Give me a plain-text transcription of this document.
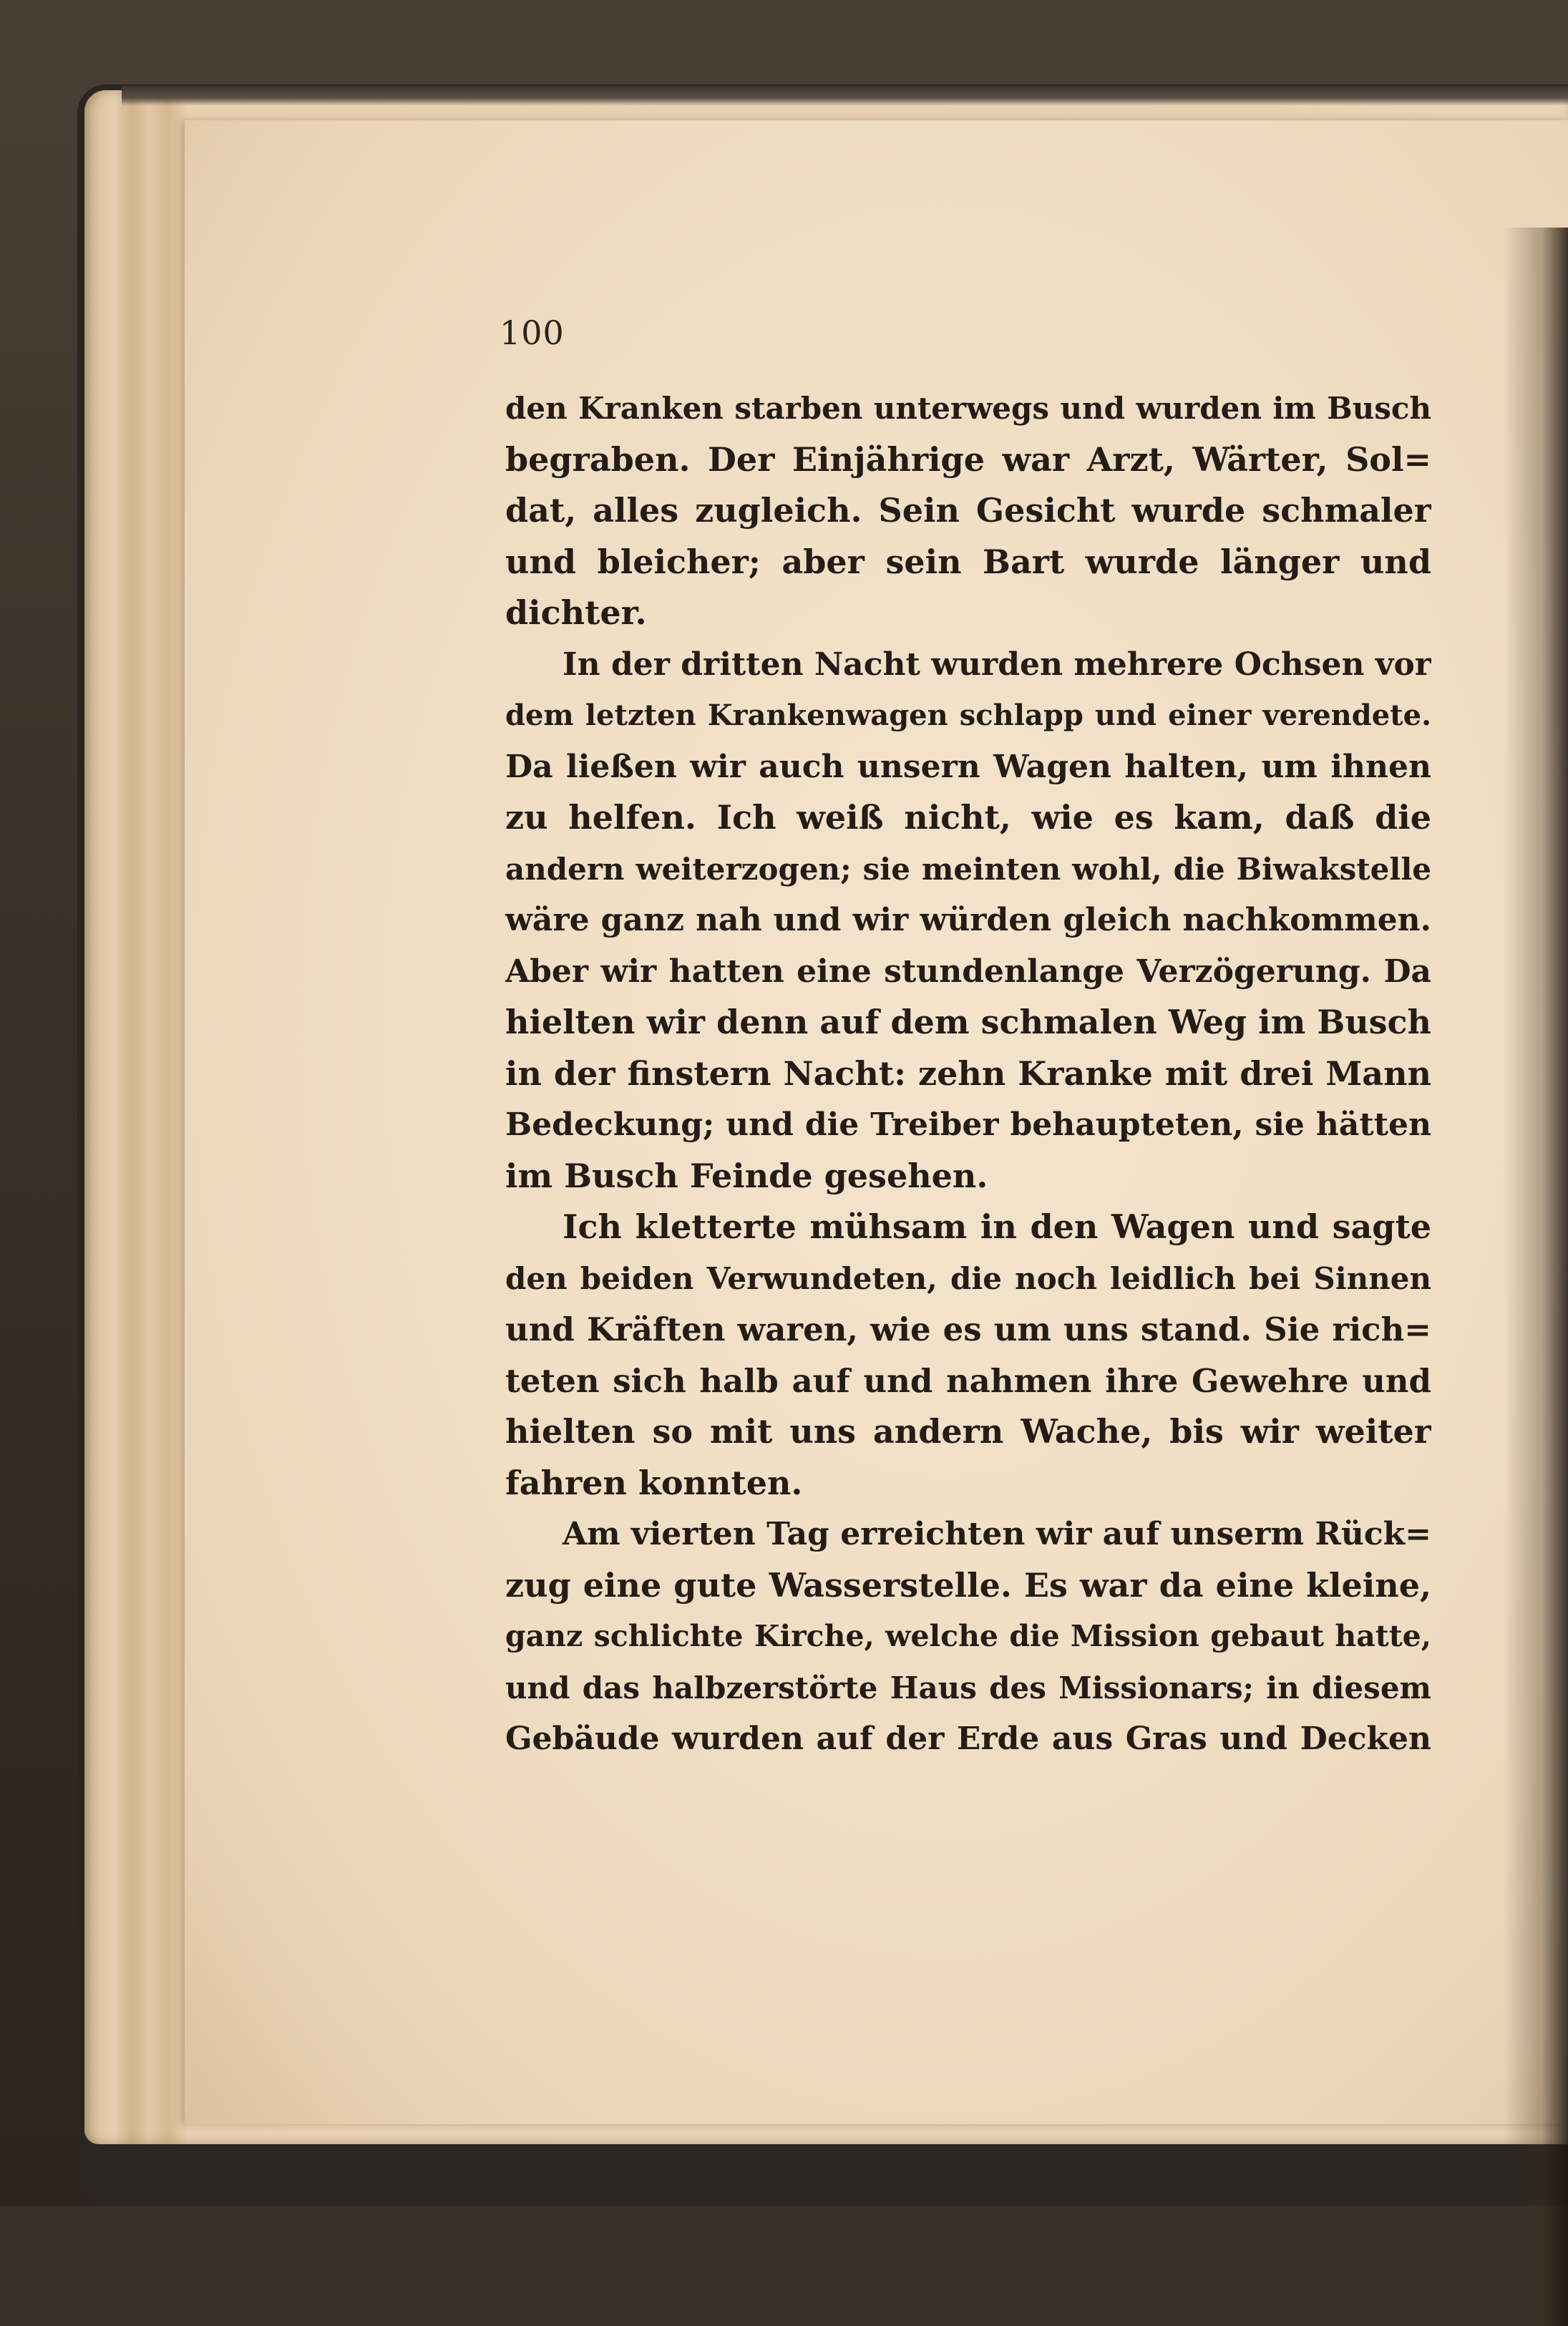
100
den Kranken starben unterwegs und wurden im Busch
begraben. Der Einjährige war Arzt, Wärter, Sol=
dat, alles zugleich. Sein Gesicht wurde schmaler
und bleicher; aber sein Bart wurde länger und
dichter.
In der dritten Nacht wurden mehrere Ochsen vor
dem letzten Krankenwagen schlapp und einer verendete.
Da ließen wir auch unsern Wagen halten, um ihnen
zu helfen. Ich weiß nicht, wie es kam, daß die
andern weiterzogen; sie meinten wohl, die Biwakstelle
wäre ganz nah und wir würden gleich nachkommen.
Aber wir hatten eine stundenlange Verzögerung. Da
hielten wir denn auf dem schmalen Weg im Busch
in der finstern Nacht: zehn Kranke mit drei Mann
Bedeckung; und die Treiber behaupteten, sie hätten
im Busch Feinde gesehen.
Ich kletterte mühsam in den Wagen und sagte
den beiden Verwundeten, die noch leidlich bei Sinnen
und Kräften waren, wie es um uns stand. Sie rich=
teten sich halb auf und nahmen ihre Gewehre und
hielten so mit uns andern Wache, bis wir weiter
fahren konnten.
Am vierten Tag erreichten wir auf unserm Rück=
zug eine gute Wasserstelle. Es war da eine kleine,
ganz schlichte Kirche, welche die Mission gebaut hatte,
und das halbzerstörte Haus des Missionars; in diesem
Gebäude wurden auf der Erde aus Gras und Decken
